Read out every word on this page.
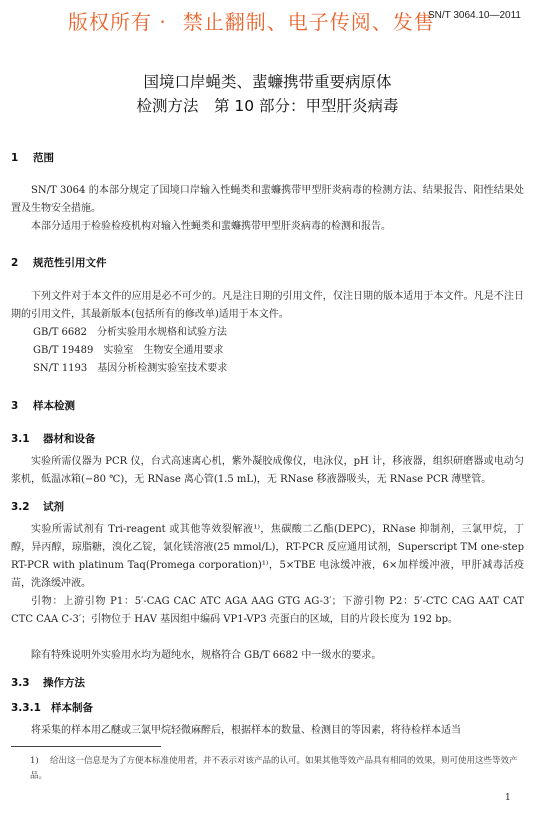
版权所有 · 禁止翻制、电子传阅、发售
SN/T 3064.10—2011
国境口岸蝇类、蜚蠊携带重要病原体
检测方法　第 10 部分：甲型肝炎病毒
1 范围
SN/T 3064 的本部分规定了国境口岸输入性蝇类和蜚蠊携带甲型肝炎病毒的检测方法、结果报告、阳性结果处置及生物安全措施。
本部分适用于检验检疫机构对输入性蝇类和蜚蠊携带甲型肝炎病毒的检测和报告。
2 规范性引用文件
下列文件对于本文件的应用是必不可少的。凡是注日期的引用文件，仅注日期的版本适用于本文件。凡是不注日期的引用文件，其最新版本(包括所有的修改单)适用于本文件。
GB/T 6682　分析实验用水规格和试验方法
GB/T 19489　实验室　生物安全通用要求
SN/T 1193　基因分析检测实验室技术要求
3 样本检测
3.1 器材和设备
实验所需仪器为 PCR 仪，台式高速离心机，紫外凝胶成像仪，电泳仪，pH 计，移液器，组织研磨器或电动匀浆机，低温冰箱(−80 ℃)，无 RNase 离心管(1.5 mL)，无 RNase 移液器吸头，无 RNase PCR 薄壁管。
3.2 试剂
实验所需试剂有 Tri-reagent 或其他等效裂解液¹⁾，焦碳酸二乙酯(DEPC)，RNase 抑制剂，三氯甲烷，丁醇，异丙醇，琼脂糖，溴化乙锭，氯化镁溶液(25 mmol/L)，RT-PCR 反应通用试剂，Superscript TM one-step RT-PCR with platinum Taq(Promega corporation)¹⁾，5×TBE 电泳缓冲液，6×加样缓冲液，甲肝减毒活疫苗，洗涤缓冲液。
引物：上游引物 P1：5′-CAG CAC ATC AGA AAG GTG AG-3′；下游引物 P2：5′-CTC CAG AAT CAT CTC CAA C-3′；引物位于 HAV 基因组中编码 VP1-VP3 壳蛋白的区域，目的片段长度为 192 bp。
除有特殊说明外实验用水均为超纯水，规格符合 GB/T 6682 中一级水的要求。
3.3 操作方法
3.3.1 样本制备
将采集的样本用乙醚或三氯甲烷轻微麻醉后，根据样本的数量、检测目的等因素，将待检样本适当
1) 给出这一信息是为了方便本标准使用者，并不表示对该产品的认可。如果其他等效产品具有相同的效果，则可使用这些等效产品。
1
